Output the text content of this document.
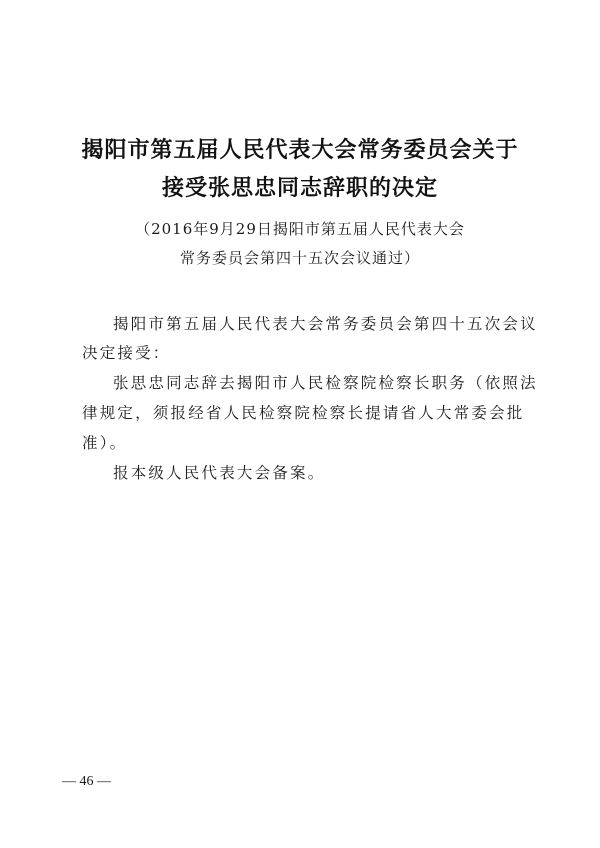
揭阳市第五届人民代表大会常务委员会关于
接受张思忠同志辞职的决定
（2016年9月29日揭阳市第五届人民代表大会
常务委员会第四十五次会议通过）
揭阳市第五届人民代表大会常务委员会第四十五次会议
决定接受：
张思忠同志辞去揭阳市人民检察院检察长职务（依照法
律规定，须报经省人民检察院检察长提请省人大常委会批
准）。
报本级人民代表大会备案。
— 46 —
